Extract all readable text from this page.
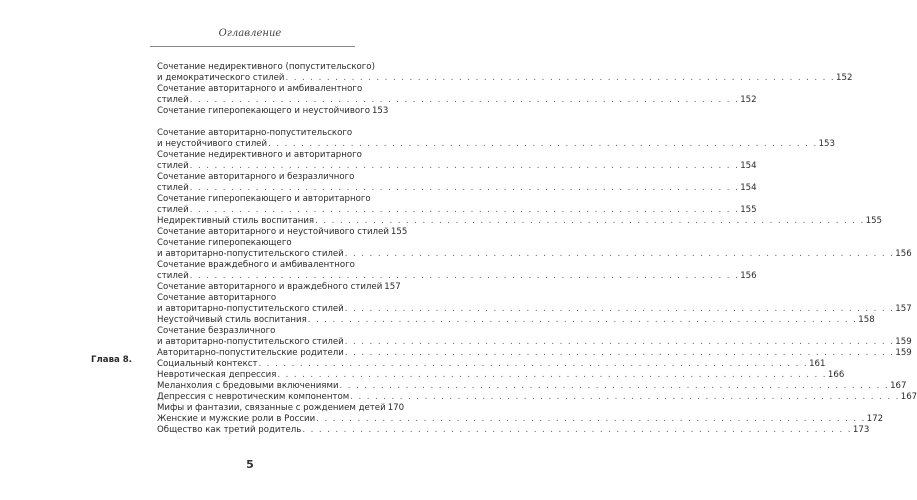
Оглавление
Глава 8.
Сочетание недирективного (попустительского)
и демократического стилей . . . . . . . . . . . . . . . . . . . . . . . . . . . . . . . . . . . . . . . . . . . . . . . . . . . . . . . . . . . . . . . . . . . 152
Сочетание авторитарного и амбивалентного
стилей . . . . . . . . . . . . . . . . . . . . . . . . . . . . . . . . . . . . . . . . . . . . . . . . . . . . . . . . . . . . . . . . . . . 152
Сочетание гиперопекающего и неустойчивого 153
Сочетание авторитарно-попустительского
и неустойчивого стилей . . . . . . . . . . . . . . . . . . . . . . . . . . . . . . . . . . . . . . . . . . . . . . . . . . . . . . . . . . . . . . . . . . . 153
Сочетание недирективного и авторитарного
стилей . . . . . . . . . . . . . . . . . . . . . . . . . . . . . . . . . . . . . . . . . . . . . . . . . . . . . . . . . . . . . . . . . . . 154
Сочетание авторитарного и безразличного
стилей . . . . . . . . . . . . . . . . . . . . . . . . . . . . . . . . . . . . . . . . . . . . . . . . . . . . . . . . . . . . . . . . . . . 154
Сочетание гиперопекающего и авторитарного
стилей . . . . . . . . . . . . . . . . . . . . . . . . . . . . . . . . . . . . . . . . . . . . . . . . . . . . . . . . . . . . . . . . . . . 155
Недирективный стиль воспитания . . . . . . . . . . . . . . . . . . . . . . . . . . . . . . . . . . . . . . . . . . . . . . . . . . . . . . . . . . . . . . . . . . . 155
Сочетание авторитарного и неустойчивого стилей 155
Сочетание гиперопекающего
и авторитарно-попустительского стилей . . . . . . . . . . . . . . . . . . . . . . . . . . . . . . . . . . . . . . . . . . . . . . . . . . . . . . . . . . . . . . . . . . . 156
Сочетание враждебного и амбивалентного
стилей . . . . . . . . . . . . . . . . . . . . . . . . . . . . . . . . . . . . . . . . . . . . . . . . . . . . . . . . . . . . . . . . . . . 156
Сочетание авторитарного и враждебного стилей 157
Сочетание авторитарного
и авторитарно-попустительского стилей . . . . . . . . . . . . . . . . . . . . . . . . . . . . . . . . . . . . . . . . . . . . . . . . . . . . . . . . . . . . . . . . . . . 157
Неустойчивый стиль воспитания . . . . . . . . . . . . . . . . . . . . . . . . . . . . . . . . . . . . . . . . . . . . . . . . . . . . . . . . . . . . . . . . . . . 158
Сочетание безразличного
и авторитарно-попустительского стилей . . . . . . . . . . . . . . . . . . . . . . . . . . . . . . . . . . . . . . . . . . . . . . . . . . . . . . . . . . . . . . . . . . . 159
Авторитарно-попустительские родители . . . . . . . . . . . . . . . . . . . . . . . . . . . . . . . . . . . . . . . . . . . . . . . . . . . . . . . . . . . . . . . . . . . 159
Социальный контекст . . . . . . . . . . . . . . . . . . . . . . . . . . . . . . . . . . . . . . . . . . . . . . . . . . . . . . . . . . . . . . . . . . . 161
Невротическая депрессия . . . . . . . . . . . . . . . . . . . . . . . . . . . . . . . . . . . . . . . . . . . . . . . . . . . . . . . . . . . . . . . . . . . 166
Меланхолия с бредовыми включениями . . . . . . . . . . . . . . . . . . . . . . . . . . . . . . . . . . . . . . . . . . . . . . . . . . . . . . . . . . . . . . . . . . . 167
Депрессия с невротическим компонентом . . . . . . . . . . . . . . . . . . . . . . . . . . . . . . . . . . . . . . . . . . . . . . . . . . . . . . . . . . . . . . . . . . . 167
Мифы и фантазии, связанные с рождением детей 170
Женские и мужские роли в России . . . . . . . . . . . . . . . . . . . . . . . . . . . . . . . . . . . . . . . . . . . . . . . . . . . . . . . . . . . . . . . . . . . 172
Общество как третий родитель . . . . . . . . . . . . . . . . . . . . . . . . . . . . . . . . . . . . . . . . . . . . . . . . . . . . . . . . . . . . . . . . . . . 173
5
